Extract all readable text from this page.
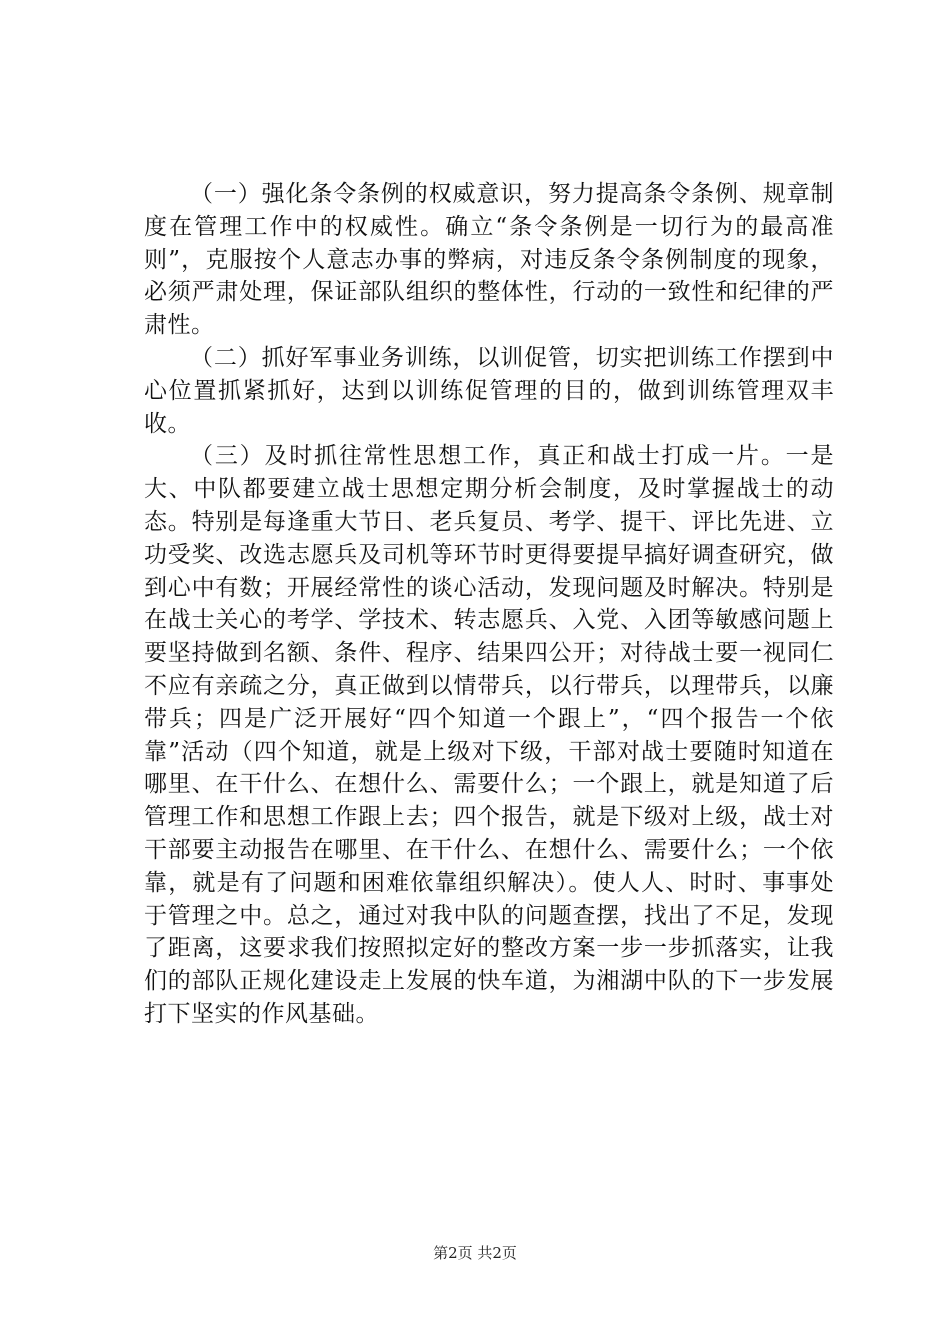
（一）强化条令条例的权威意识，努力提高条令条例、规章制度在管理工作中的权威性。确立“条令条例是一切行为的最高准则”，克服按个人意志办事的弊病，对违反条令条例制度的现象，必须严肃处理，保证部队组织的整体性，行动的一致性和纪律的严肃性。

（二）抓好军事业务训练，以训促管，切实把训练工作摆到中心位置抓紧抓好，达到以训练促管理的目的，做到训练管理双丰收。

（三）及时抓往常性思想工作，真正和战士打成一片。一是大、中队都要建立战士思想定期分析会制度，及时掌握战士的动态。特别是每逢重大节日、老兵复员、考学、提干、评比先进、立功受奖、改选志愿兵及司机等环节时更得要提早搞好调查研究，做到心中有数；开展经常性的谈心活动，发现问题及时解决。特别是在战士关心的考学、学技术、转志愿兵、入党、入团等敏感问题上要坚持做到名额、条件、程序、结果四公开；对待战士要一视同仁不应有亲疏之分，真正做到以情带兵，以行带兵，以理带兵，以廉带兵；四是广泛开展好“四个知道一个跟上”，“四个报告一个依靠”活动（四个知道，就是上级对下级，干部对战士要随时知道在哪里、在干什么、在想什么、需要什么；一个跟上，就是知道了后管理工作和思想工作跟上去；四个报告，就是下级对上级，战士对干部要主动报告在哪里、在干什么、在想什么、需要什么；一个依靠，就是有了问题和困难依靠组织解决）。使人人、时时、事事处于管理之中。总之，通过对我中队的问题查摆，找出了不足，发现了距离，这要求我们按照拟定好的整改方案一步一步抓落实，让我们的部队正规化建设走上发展的快车道，为湘湖中队的下一步发展打下坚实的作风基础。

第2页 共2页
